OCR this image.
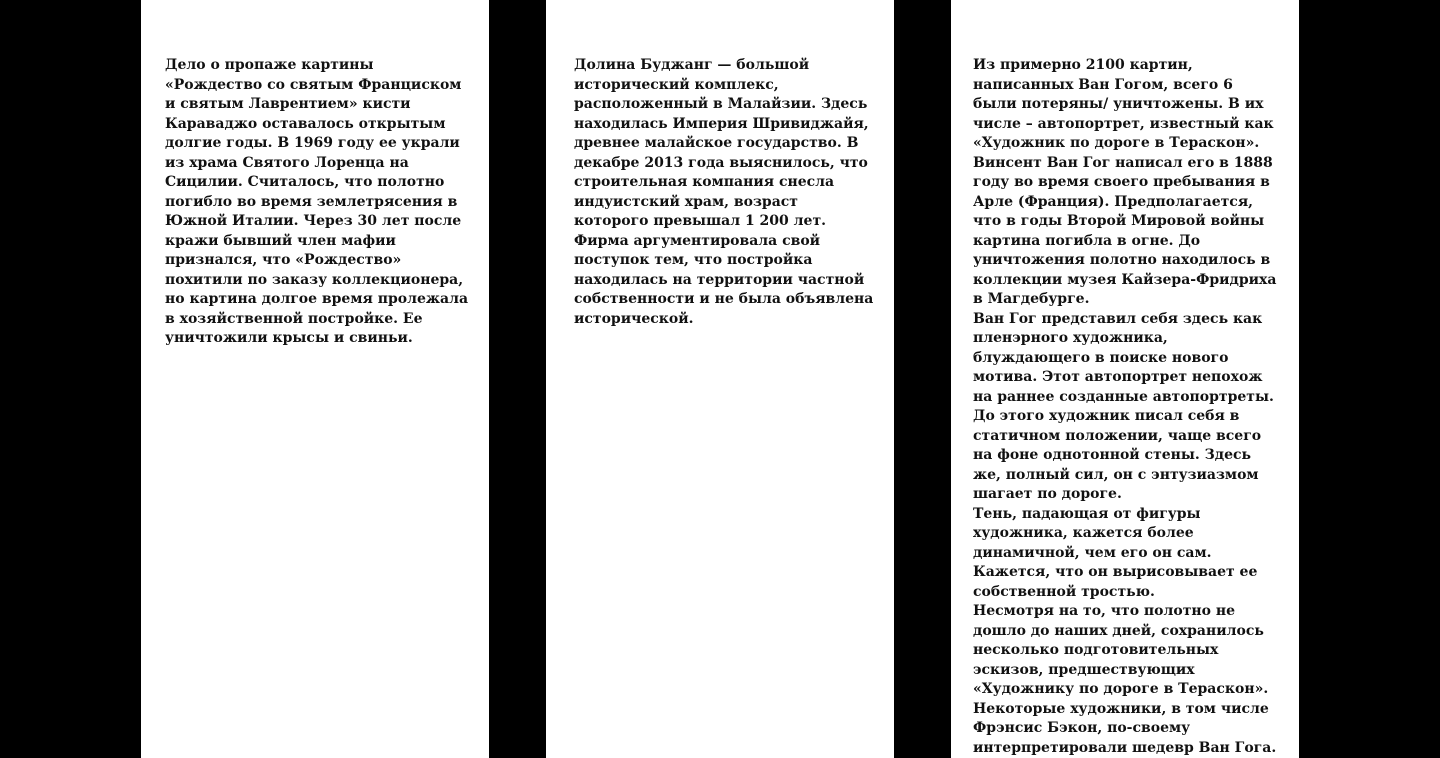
Дело о пропаже картины «Рождество со святым Франциском и святым Лаврентием» кисти Караваджо оставалось открытым долгие годы. В 1969 году ее украли из храма Святого Лоренца на Сицилии. Считалось, что полотно погибло во время землетрясения в Южной Италии. Через 30 лет после кражи бывший член мафии признался, что «Рождество» похитили по заказу коллекционера, но картина долгое время пролежала в хозяйственной постройке. Ее уничтожили крысы и свиньи.

Долина Буджанг — большой исторический комплекс, расположенный в Малайзии. Здесь находилась Империя Шривиджайя, древнее малайское государство. В декабре 2013 года выяснилось, что строительная компания снесла индуистский храм, возраст которого превышал 1 200 лет. Фирма аргументировала свой поступок тем, что постройка находилась на территории частной собственности и не была объявлена исторической.

Из примерно 2100 картин, написанных Ван Гогом, всего 6 были потеряны/ уничтожены. В их числе – автопортрет, известный как «Художник по дороге в Тераскон». Винсент Ван Гог написал его в 1888 году во время своего пребывания в Арле (Франция). Предполагается, что в годы Второй Мировой войны картина погибла в огне. До уничтожения полотно находилось в коллекции музея Кайзера-Фридриха в Магдебурге.

Ван Гог представил себя здесь как пленэрного художника, блуждающего в поиске нового мотива. Этот автопортрет непохож на раннее созданные автопортреты. До этого художник писал себя в статичном положении, чаще всего на фоне однотонной стены. Здесь же, полный сил, он с энтузиазмом шагает по дороге.

Тень, падающая от фигуры художника, кажется более динамичной, чем его он сам. Кажется, что он вырисовывает ее собственной тростью.

Несмотря на то, что полотно не дошло до наших дней, сохранилось несколько подготовительных эскизов, предшествующих «Художнику по дороге в Тераскон». Некоторые художники, в том числе Фрэнсис Бэкон, по-своему интерпретировали шедевр Ван Гога.
